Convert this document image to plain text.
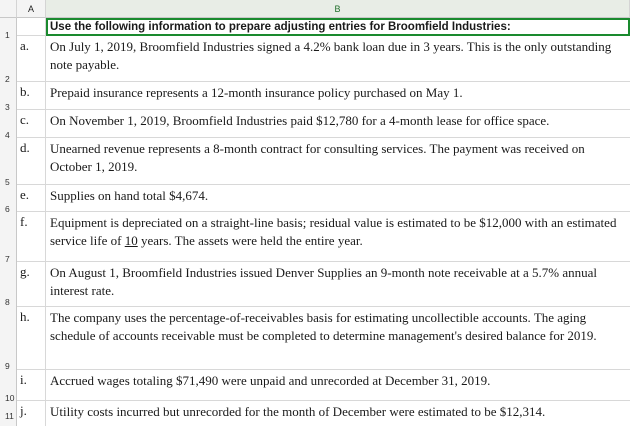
A	B
Use the following information to prepare adjusting entries for Broomfield Industries:
1
a.	On July 1, 2019, Broomfield Industries signed a 4.2% bank loan due in 3 years. This is the only outstanding note payable.
2
b.	Prepaid insurance represents a 12-month insurance policy purchased on May 1.
3
c.	On November 1, 2019, Broomfield Industries paid $12,780 for a 4-month lease for office space.
4
d.	Unearned revenue represents a 8-month contract for consulting services. The payment was received on October 1, 2019.
5
e.	Supplies on hand total $4,674.
6
f.	Equipment is depreciated on a straight-line basis; residual value is estimated to be $12,000 with an estimated service life of 10 years. The assets were held the entire year.
7
g.	On August 1, Broomfield Industries issued Denver Supplies an 9-month note receivable at a 5.7% annual interest rate.
8
h.	The company uses the percentage-of-receivables basis for estimating uncollectible accounts. The aging schedule of accounts receivable must be completed to determine management's desired balance for 2019.
9
i.	Accrued wages totaling $71,490 were unpaid and unrecorded at December 31, 2019.
10
j.	Utility costs incurred but unrecorded for the month of December were estimated to be $12,314.
11
